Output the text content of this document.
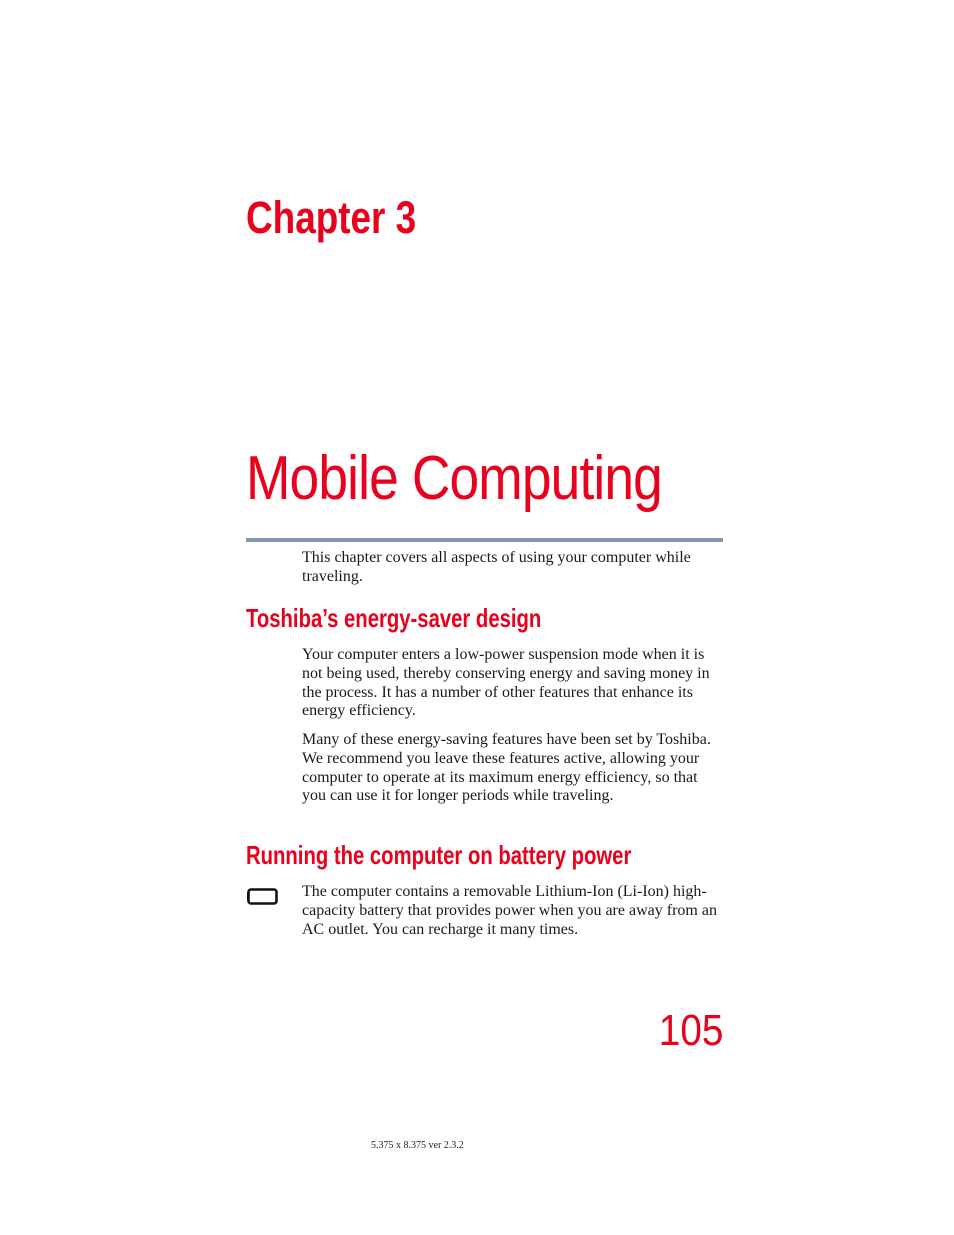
Chapter 3
Mobile Computing

This chapter covers all aspects of using your computer while traveling.

Toshiba’s energy-saver design

Your computer enters a low-power suspension mode when it is not being used, thereby conserving energy and saving money in the process. It has a number of other features that enhance its energy efficiency.

Many of these energy-saving features have been set by Toshiba. We recommend you leave these features active, allowing your computer to operate at its maximum energy efficiency, so that you can use it for longer periods while traveling.

Running the computer on battery power

The computer contains a removable Lithium-Ion (Li-Ion) high-capacity battery that provides power when you are away from an AC outlet. You can recharge it many times.

105
5.375 x 8.375 ver 2.3.2
